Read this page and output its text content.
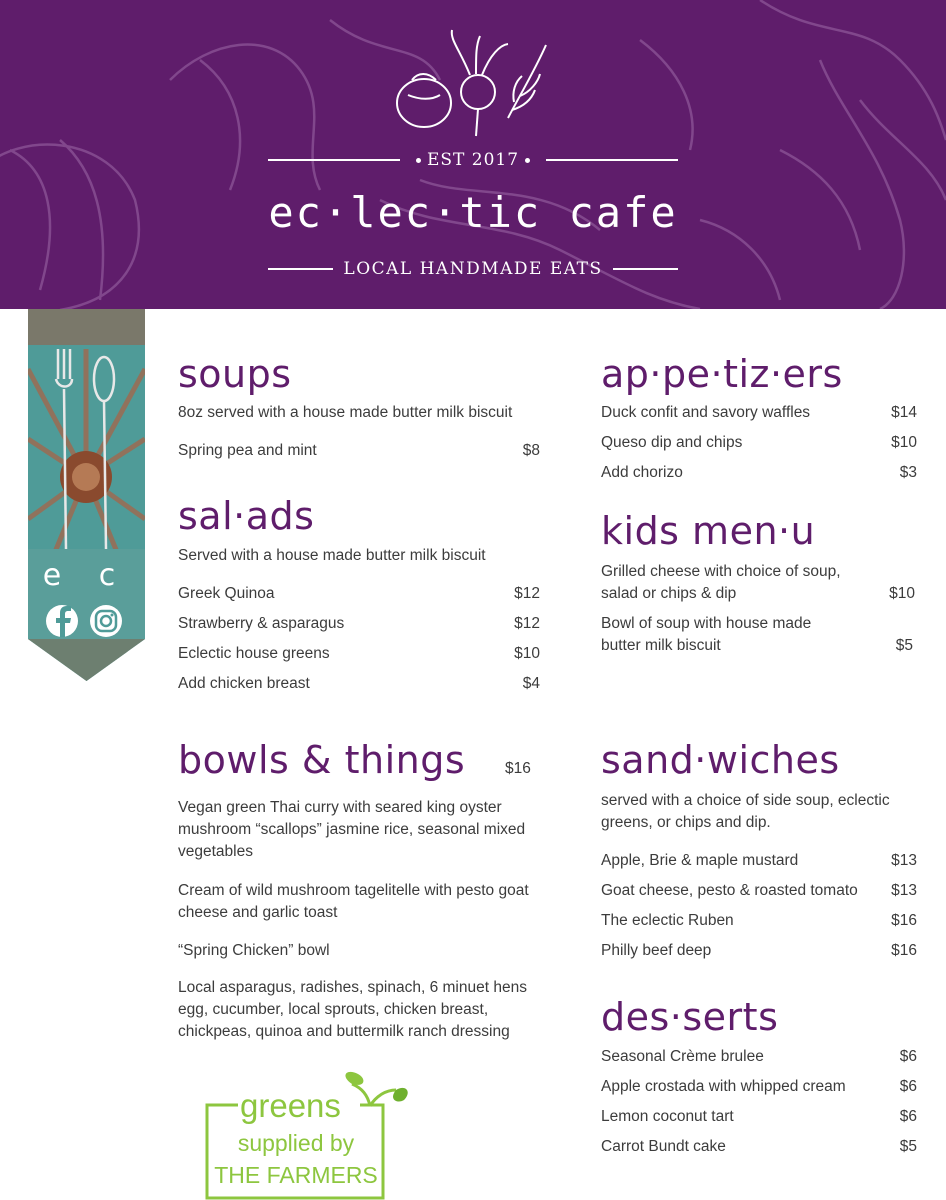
EST 2017
ec·lec·tic cafe
LOCAL HANDMADE EATS
e c
soups
8oz served with a house made butter milk biscuit
Spring pea and mint	$8
sal·ads
Served with a house made butter milk biscuit
Greek Quinoa	$12
Strawberry & asparagus	$12
Eclectic house greens	$10
Add chicken breast	$4
bowls & things	$16
Vegan green Thai curry with seared king oyster mushroom “scallops” jasmine rice, seasonal mixed vegetables
Cream of wild mushroom tagelitelle with pesto goat cheese and garlic toast
“Spring Chicken” bowl
Local asparagus, radishes, spinach, 6 minuet hens egg, cucumber, local sprouts, chicken breast, chickpeas, quinoa and buttermilk ranch dressing
ap·pe·tiz·ers
Duck confit and savory waffles	$14
Queso dip and chips	$10
Add chorizo	$3
kids men·u
Grilled cheese with choice of soup,
salad or chips & dip	$10
Bowl of soup with house made
butter milk biscuit	$5
sand·wiches
served with a choice of side soup, eclectic greens, or chips and dip.
Apple, Brie & maple mustard	$13
Goat cheese, pesto & roasted tomato $13
The eclectic Ruben	$16
Philly beef deep	$16
des·serts
Seasonal Crème brulee	$6
Apple crostada with whipped cream	$6
Lemon coconut tart	$6
Carrot Bundt cake	$5
greens
supplied by
THE FARMERS
